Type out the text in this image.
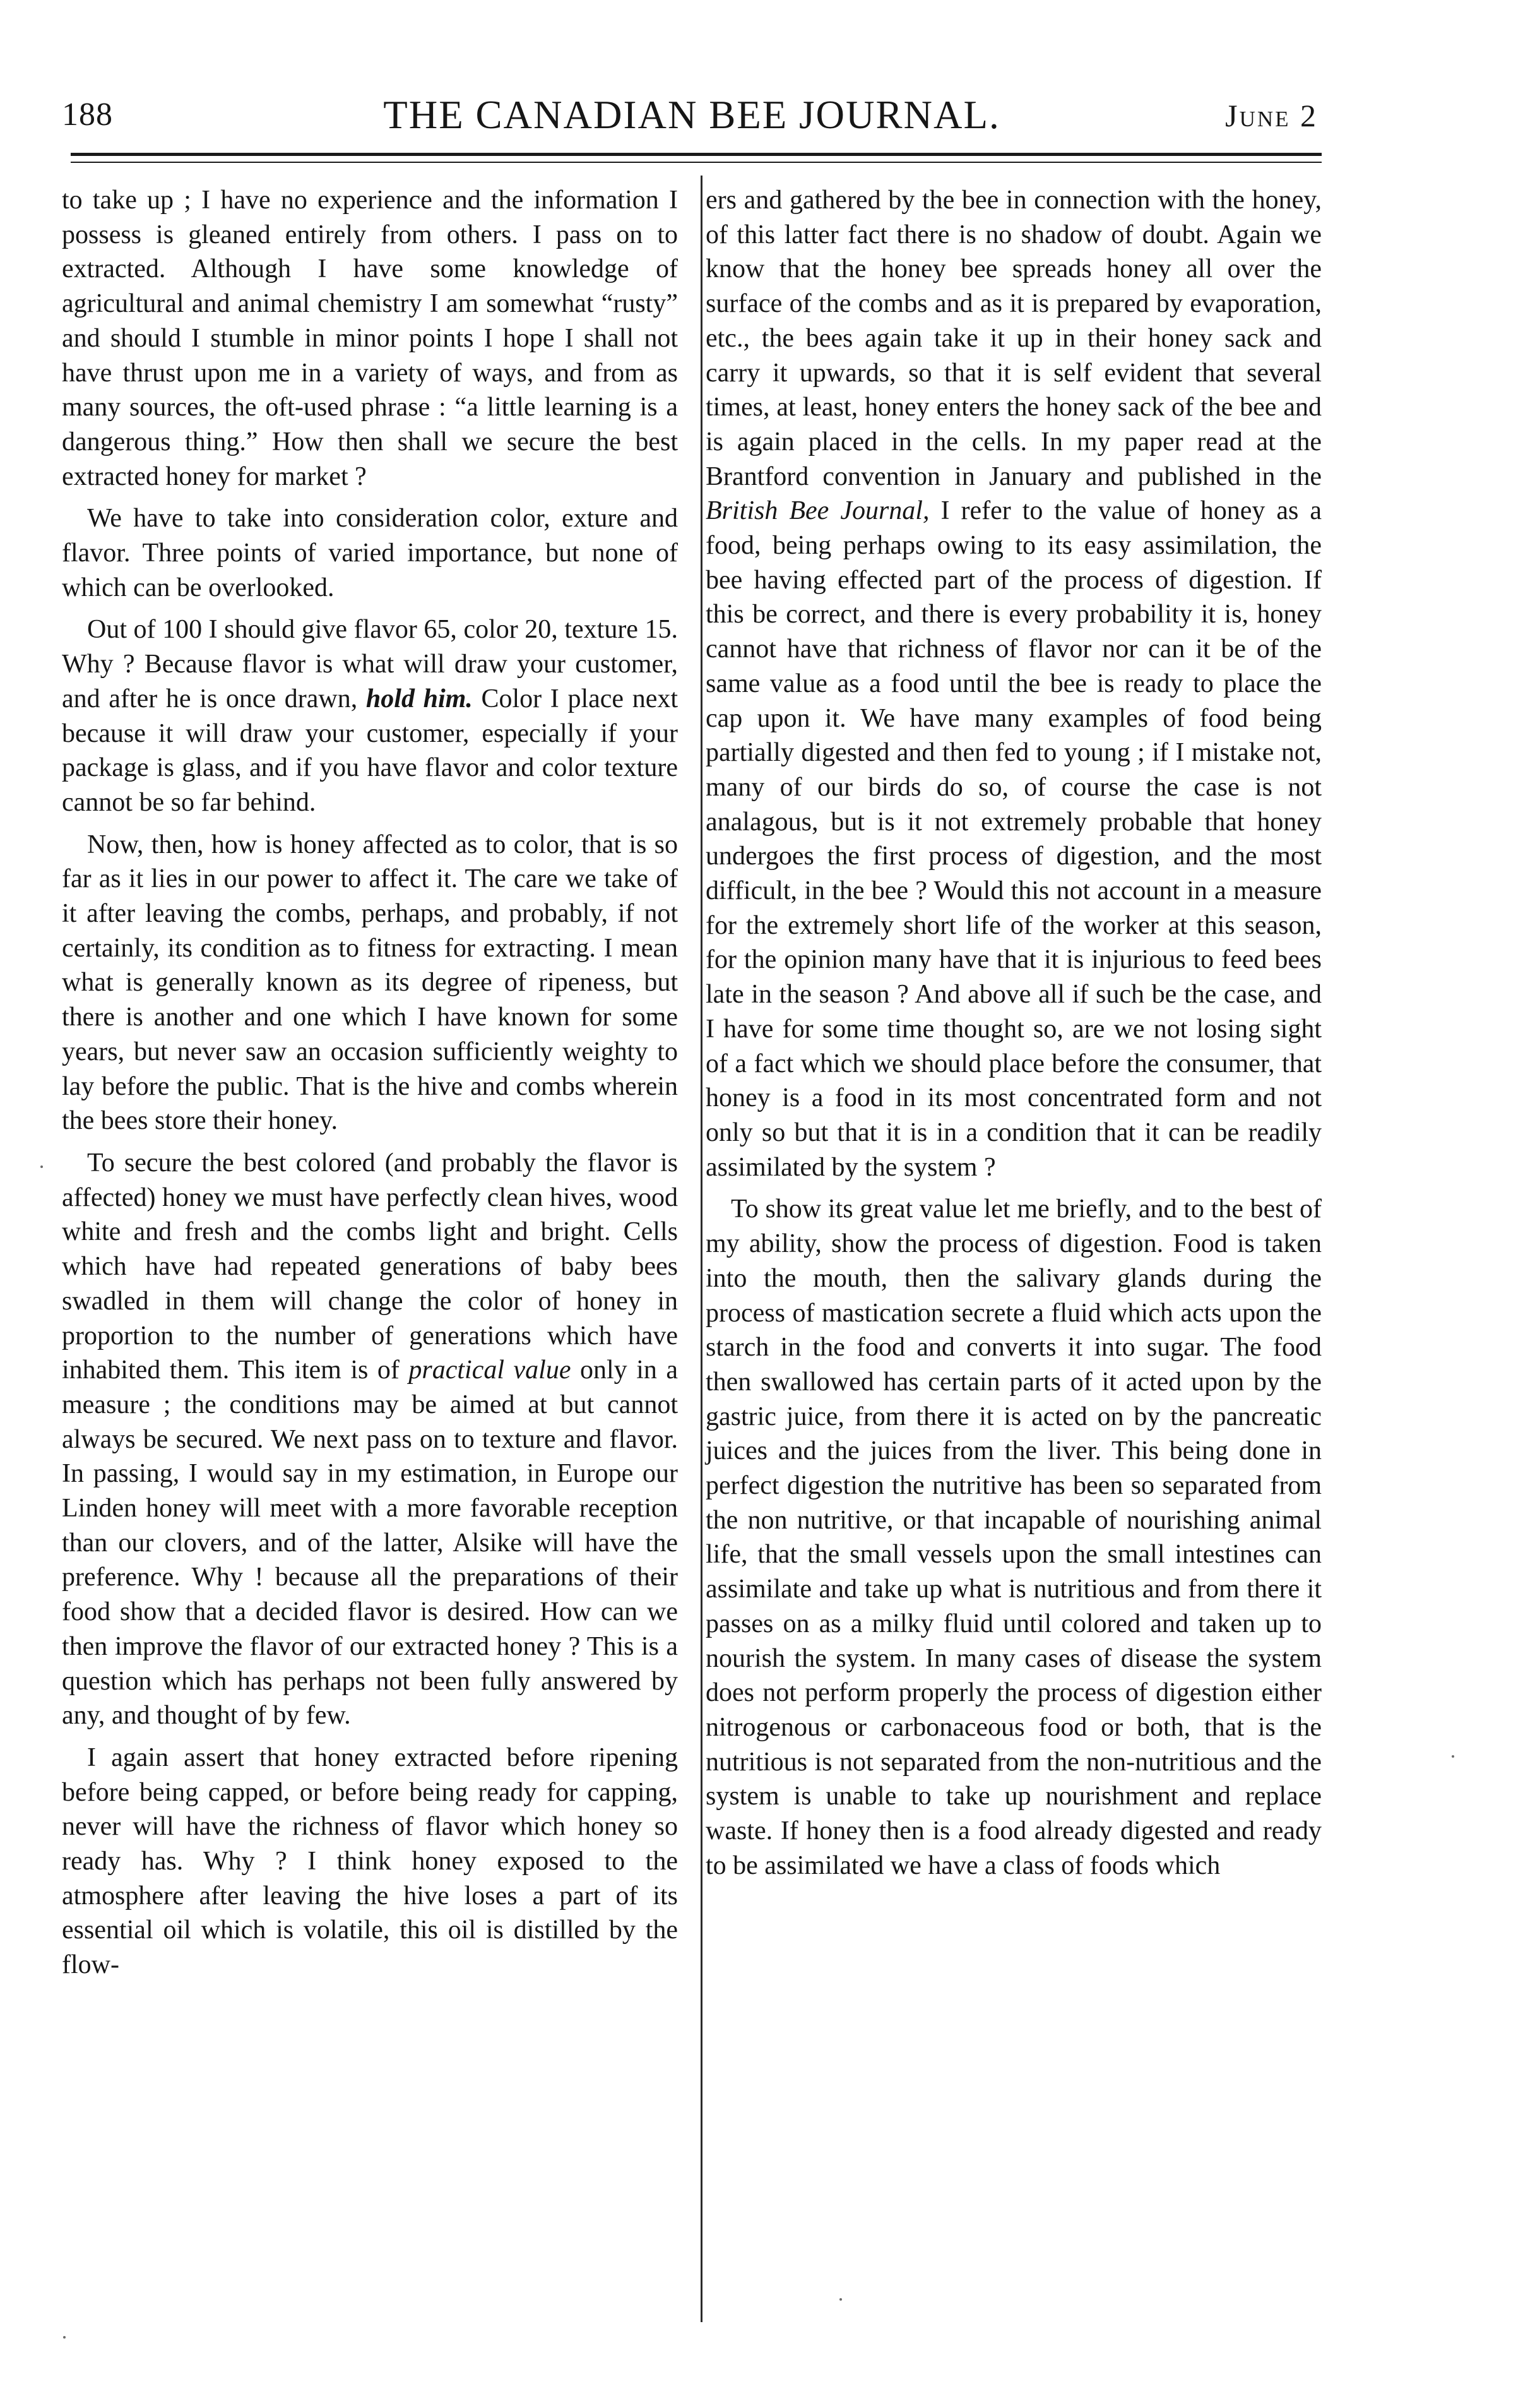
188	THE CANADIAN BEE JOURNAL.	June 2

to take up ; I have no experience and the information I possess is gleaned entirely from others. I pass on to extracted. Although I have some knowledge of agricultural and animal chemistry I am somewhat “rusty” and should I stumble in minor points I hope I shall not have thrust upon me in a variety of ways, and from as many sources, the oft-used phrase : “a little learning is a dangerous thing.” How then shall we secure the best extracted honey for market ?

We have to take into consideration color, exture and flavor. Three points of varied importance, but none of which can be overlooked.

Out of 100 I should give flavor 65, color 20, texture 15. Why ? Because flavor is what will draw your customer, and after he is once drawn, hold him. Color I place next because it will draw your customer, especially if your package is glass, and if you have flavor and color texture cannot be so far behind.

Now, then, how is honey affected as to color, that is so far as it lies in our power to affect it. The care we take of it after leaving the combs, perhaps, and probably, if not certainly, its condition as to fitness for extracting. I mean what is generally known as its degree of ripeness, but there is another and one which I have known for some years, but never saw an occasion sufficiently weighty to lay before the public. That is the hive and combs wherein the bees store their honey.

To secure the best colored (and probably the flavor is affected) honey we must have perfectly clean hives, wood white and fresh and the combs light and bright. Cells which have had repeated generations of baby bees swadled in them will change the color of honey in proportion to the number of generations which have inhabited them. This item is of practical value only in a measure ; the conditions may be aimed at but cannot always be secured. We next pass on to texture and flavor. In passing, I would say in my estimation, in Europe our Linden honey will meet with a more favorable reception than our clovers, and of the latter, Alsike will have the preference. Why ! because all the preparations of their food show that a decided flavor is desired. How can we then improve the flavor of our extracted honey ? This is a question which has perhaps not been fully answered by any, and thought of by few.

I again assert that honey extracted before ripening before being capped, or before being ready for capping, never will have the richness of flavor which honey so ready has. Why ? I think honey exposed to the atmosphere after leaving the hive loses a part of its essential oil which is volatile, this oil is distilled by the flow-

ers and gathered by the bee in connection with the honey, of this latter fact there is no shadow of doubt. Again we know that the honey bee spreads honey all over the surface of the combs and as it is prepared by evaporation, etc., the bees again take it up in their honey sack and carry it upwards, so that it is self evident that several times, at least, honey enters the honey sack of the bee and is again placed in the cells. In my paper read at the Brantford convention in January and published in the British Bee Journal, I refer to the value of honey as a food, being perhaps owing to its easy assimilation, the bee having effected part of the process of digestion. If this be correct, and there is every probability it is, honey cannot have that richness of flavor nor can it be of the same value as a food until the bee is ready to place the cap upon it. We have many examples of food being partially digested and then fed to young ; if I mistake not, many of our birds do so, of course the case is not analagous, but is it not extremely probable that honey undergoes the first process of digestion, and the most difficult, in the bee ? Would this not account in a measure for the extremely short life of the worker at this season, for the opinion many have that it is injurious to feed bees late in the season ? And above all if such be the case, and I have for some time thought so, are we not losing sight of a fact which we should place before the consumer, that honey is a food in its most concentrated form and not only so but that it is in a condition that it can be readily assimilated by the system ?

To show its great value let me briefly, and to the best of my ability, show the process of digestion. Food is taken into the mouth, then the salivary glands during the process of mastication secrete a fluid which acts upon the starch in the food and converts it into sugar. The food then swallowed has certain parts of it acted upon by the gastric juice, from there it is acted on by the pancreatic juices and the juices from the liver. This being done in perfect digestion the nutritive has been so separated from the non nutritive, or that incapable of nourishing animal life, that the small vessels upon the small intestines can assimilate and take up what is nutritious and from there it passes on as a milky fluid until colored and taken up to nourish the system. In many cases of disease the system does not perform properly the process of digestion either nitrogenous or carbonaceous food or both, that is the nutritious is not separated from the non-nutritious and the system is unable to take up nourishment and replace waste. If honey then is a food already digested and ready to be assimilated we have a class of foods which
